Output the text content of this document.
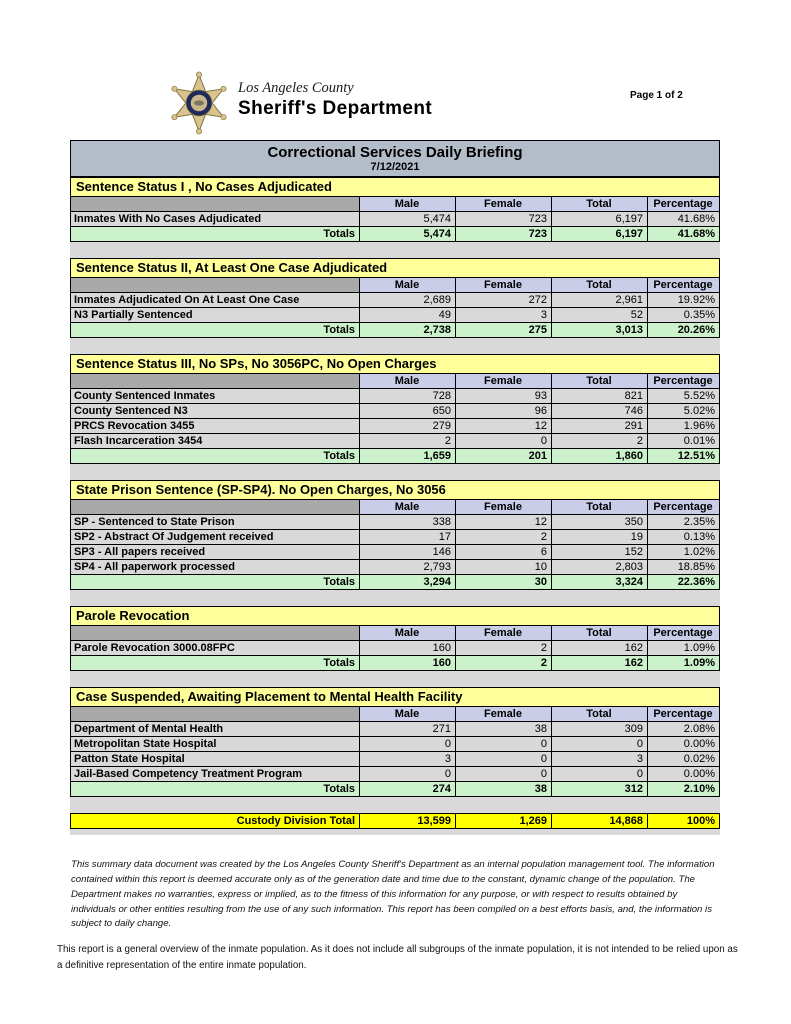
Los Angeles County
Sheriff's Department
Page 1 of 2
Correctional Services Daily Briefing
7/12/2021
Sentence Status I , No Cases Adjudicated
	Male	Female	Total	Percentage
Inmates With No Cases Adjudicated	5,474	723	6,197	41.68%
Totals	5,474	723	6,197	41.68%
Sentence Status II, At Least One Case Adjudicated
	Male	Female	Total	Percentage
Inmates Adjudicated On At Least One Case	2,689	272	2,961	19.92%
N3 Partially Sentenced	49	3	52	0.35%
Totals	2,738	275	3,013	20.26%
Sentence Status III, No SPs, No 3056PC, No Open Charges
	Male	Female	Total	Percentage
County Sentenced Inmates	728	93	821	5.52%
County Sentenced N3	650	96	746	5.02%
PRCS Revocation 3455	279	12	291	1.96%
Flash Incarceration 3454	2	0	2	0.01%
Totals	1,659	201	1,860	12.51%
State Prison Sentence (SP-SP4). No Open Charges, No 3056
	Male	Female	Total	Percentage
SP - Sentenced to State Prison	338	12	350	2.35%
SP2 - Abstract Of Judgement received	17	2	19	0.13%
SP3 - All papers received	146	6	152	1.02%
SP4 - All paperwork processed	2,793	10	2,803	18.85%
Totals	3,294	30	3,324	22.36%
Parole Revocation
	Male	Female	Total	Percentage
Parole Revocation 3000.08FPC	160	2	162	1.09%
Totals	160	2	162	1.09%
Case Suspended, Awaiting Placement to Mental Health Facility
	Male	Female	Total	Percentage
Department of Mental Health	271	38	309	2.08%
Metropolitan State Hospital	0	0	0	0.00%
Patton State Hospital	3	0	3	0.02%
Jail-Based Competency Treatment Program	0	0	0	0.00%
Totals	274	38	312	2.10%
Custody Division Total	13,599	1,269	14,868	100%

This summary data document was created by the Los Angeles County Sheriff's Department as an internal population management tool. The information contained within this report is deemed accurate only as of the generation date and time due to the constant, dynamic change of the population. The Department makes no warranties, express or implied, as to the fitness of this information for any purpose, or with respect to results obtained by individuals or other entities resulting from the use of any such information. This report has been compiled on a best efforts basis, and, the information is subject to daily change.

This report is a general overview of the inmate population. As it does not include all subgroups of the inmate population, it is not intended to be relied upon as a definitive representation of the entire inmate population.
